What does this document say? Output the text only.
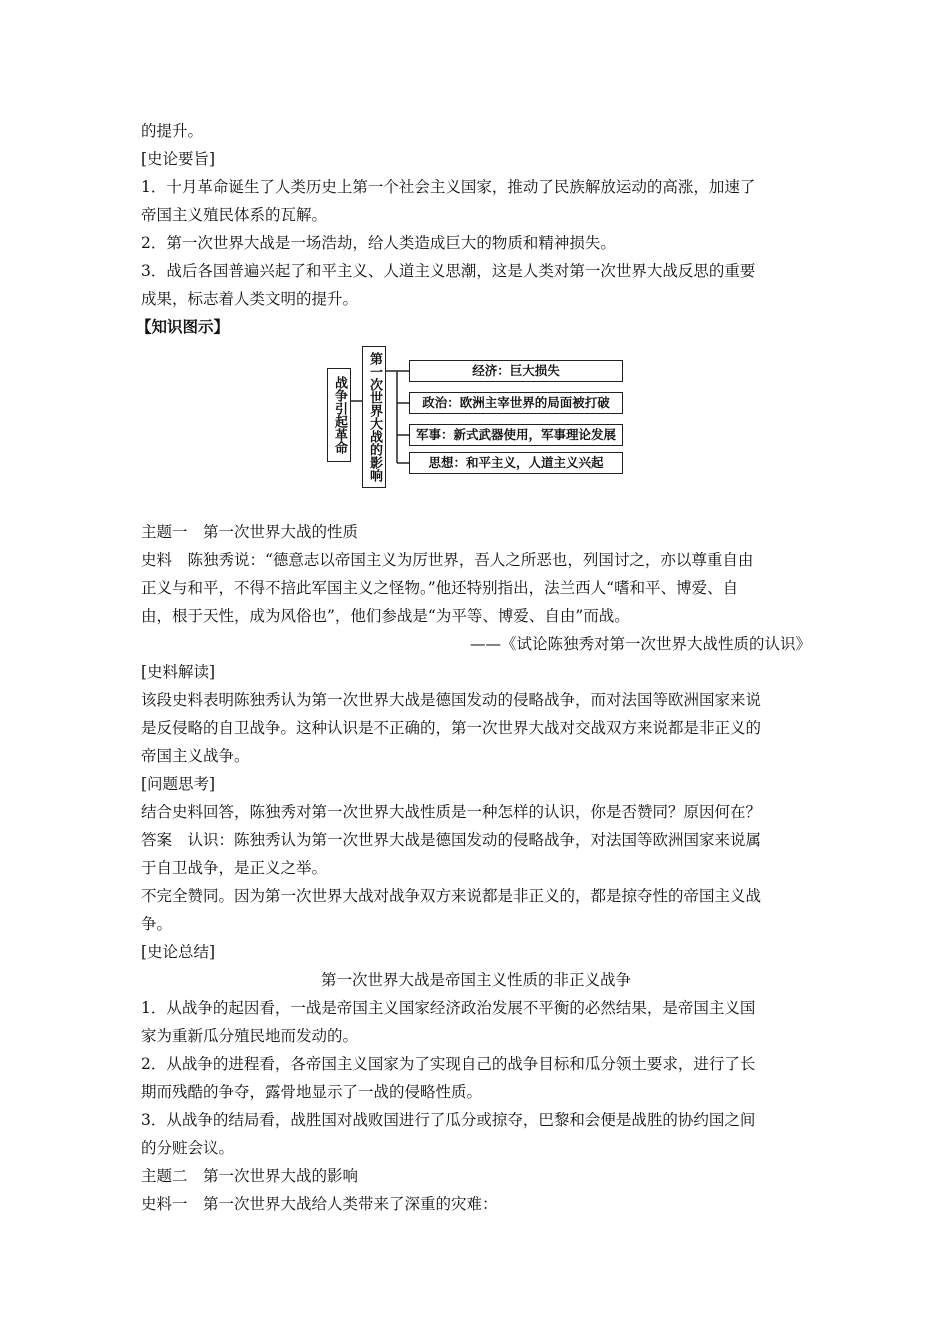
的提升。
[史论要旨]
1．十月革命诞生了人类历史上第一个社会主义国家，推动了民族解放运动的高涨，加速了
帝国主义殖民体系的瓦解。
2．第一次世界大战是一场浩劫，给人类造成巨大的物质和精神损失。
3．战后各国普遍兴起了和平主义、人道主义思潮，这是人类对第一次世界大战反思的重要
成果，标志着人类文明的提升。
【知识图示】
战争引起革命	第一次世界大战的影响	经济：巨大损失
政治：欧洲主宰世界的局面被打破
军事：新式武器使用，军事理论发展
思想：和平主义，人道主义兴起
主题一　第一次世界大战的性质
史料　陈独秀说：“德意志以帝国主义为厉世界，吾人之所恶也，列国讨之，亦以尊重自由
正义与和平，不得不掊此军国主义之怪物。”他还特别指出，法兰西人“嗜和平、博爱、自
由，根于天性，成为风俗也”，他们参战是“为平等、博爱、自由”而战。
——《试论陈独秀对第一次世界大战性质的认识》
[史料解读]
该段史料表明陈独秀认为第一次世界大战是德国发动的侵略战争，而对法国等欧洲国家来说
是反侵略的自卫战争。这种认识是不正确的，第一次世界大战对交战双方来说都是非正义的
帝国主义战争。
[问题思考]
结合史料回答，陈独秀对第一次世界大战性质是一种怎样的认识，你是否赞同？原因何在？
答案　认识：陈独秀认为第一次世界大战是德国发动的侵略战争，对法国等欧洲国家来说属
于自卫战争，是正义之举。
不完全赞同。因为第一次世界大战对战争双方来说都是非正义的，都是掠夺性的帝国主义战
争。
[史论总结]
第一次世界大战是帝国主义性质的非正义战争
1．从战争的起因看，一战是帝国主义国家经济政治发展不平衡的必然结果，是帝国主义国
家为重新瓜分殖民地而发动的。
2．从战争的进程看，各帝国主义国家为了实现自己的战争目标和瓜分领土要求，进行了长
期而残酷的争夺，露骨地显示了一战的侵略性质。
3．从战争的结局看，战胜国对战败国进行了瓜分或掠夺，巴黎和会便是战胜的协约国之间
的分赃会议。
主题二　第一次世界大战的影响
史料一　第一次世界大战给人类带来了深重的灾难：
